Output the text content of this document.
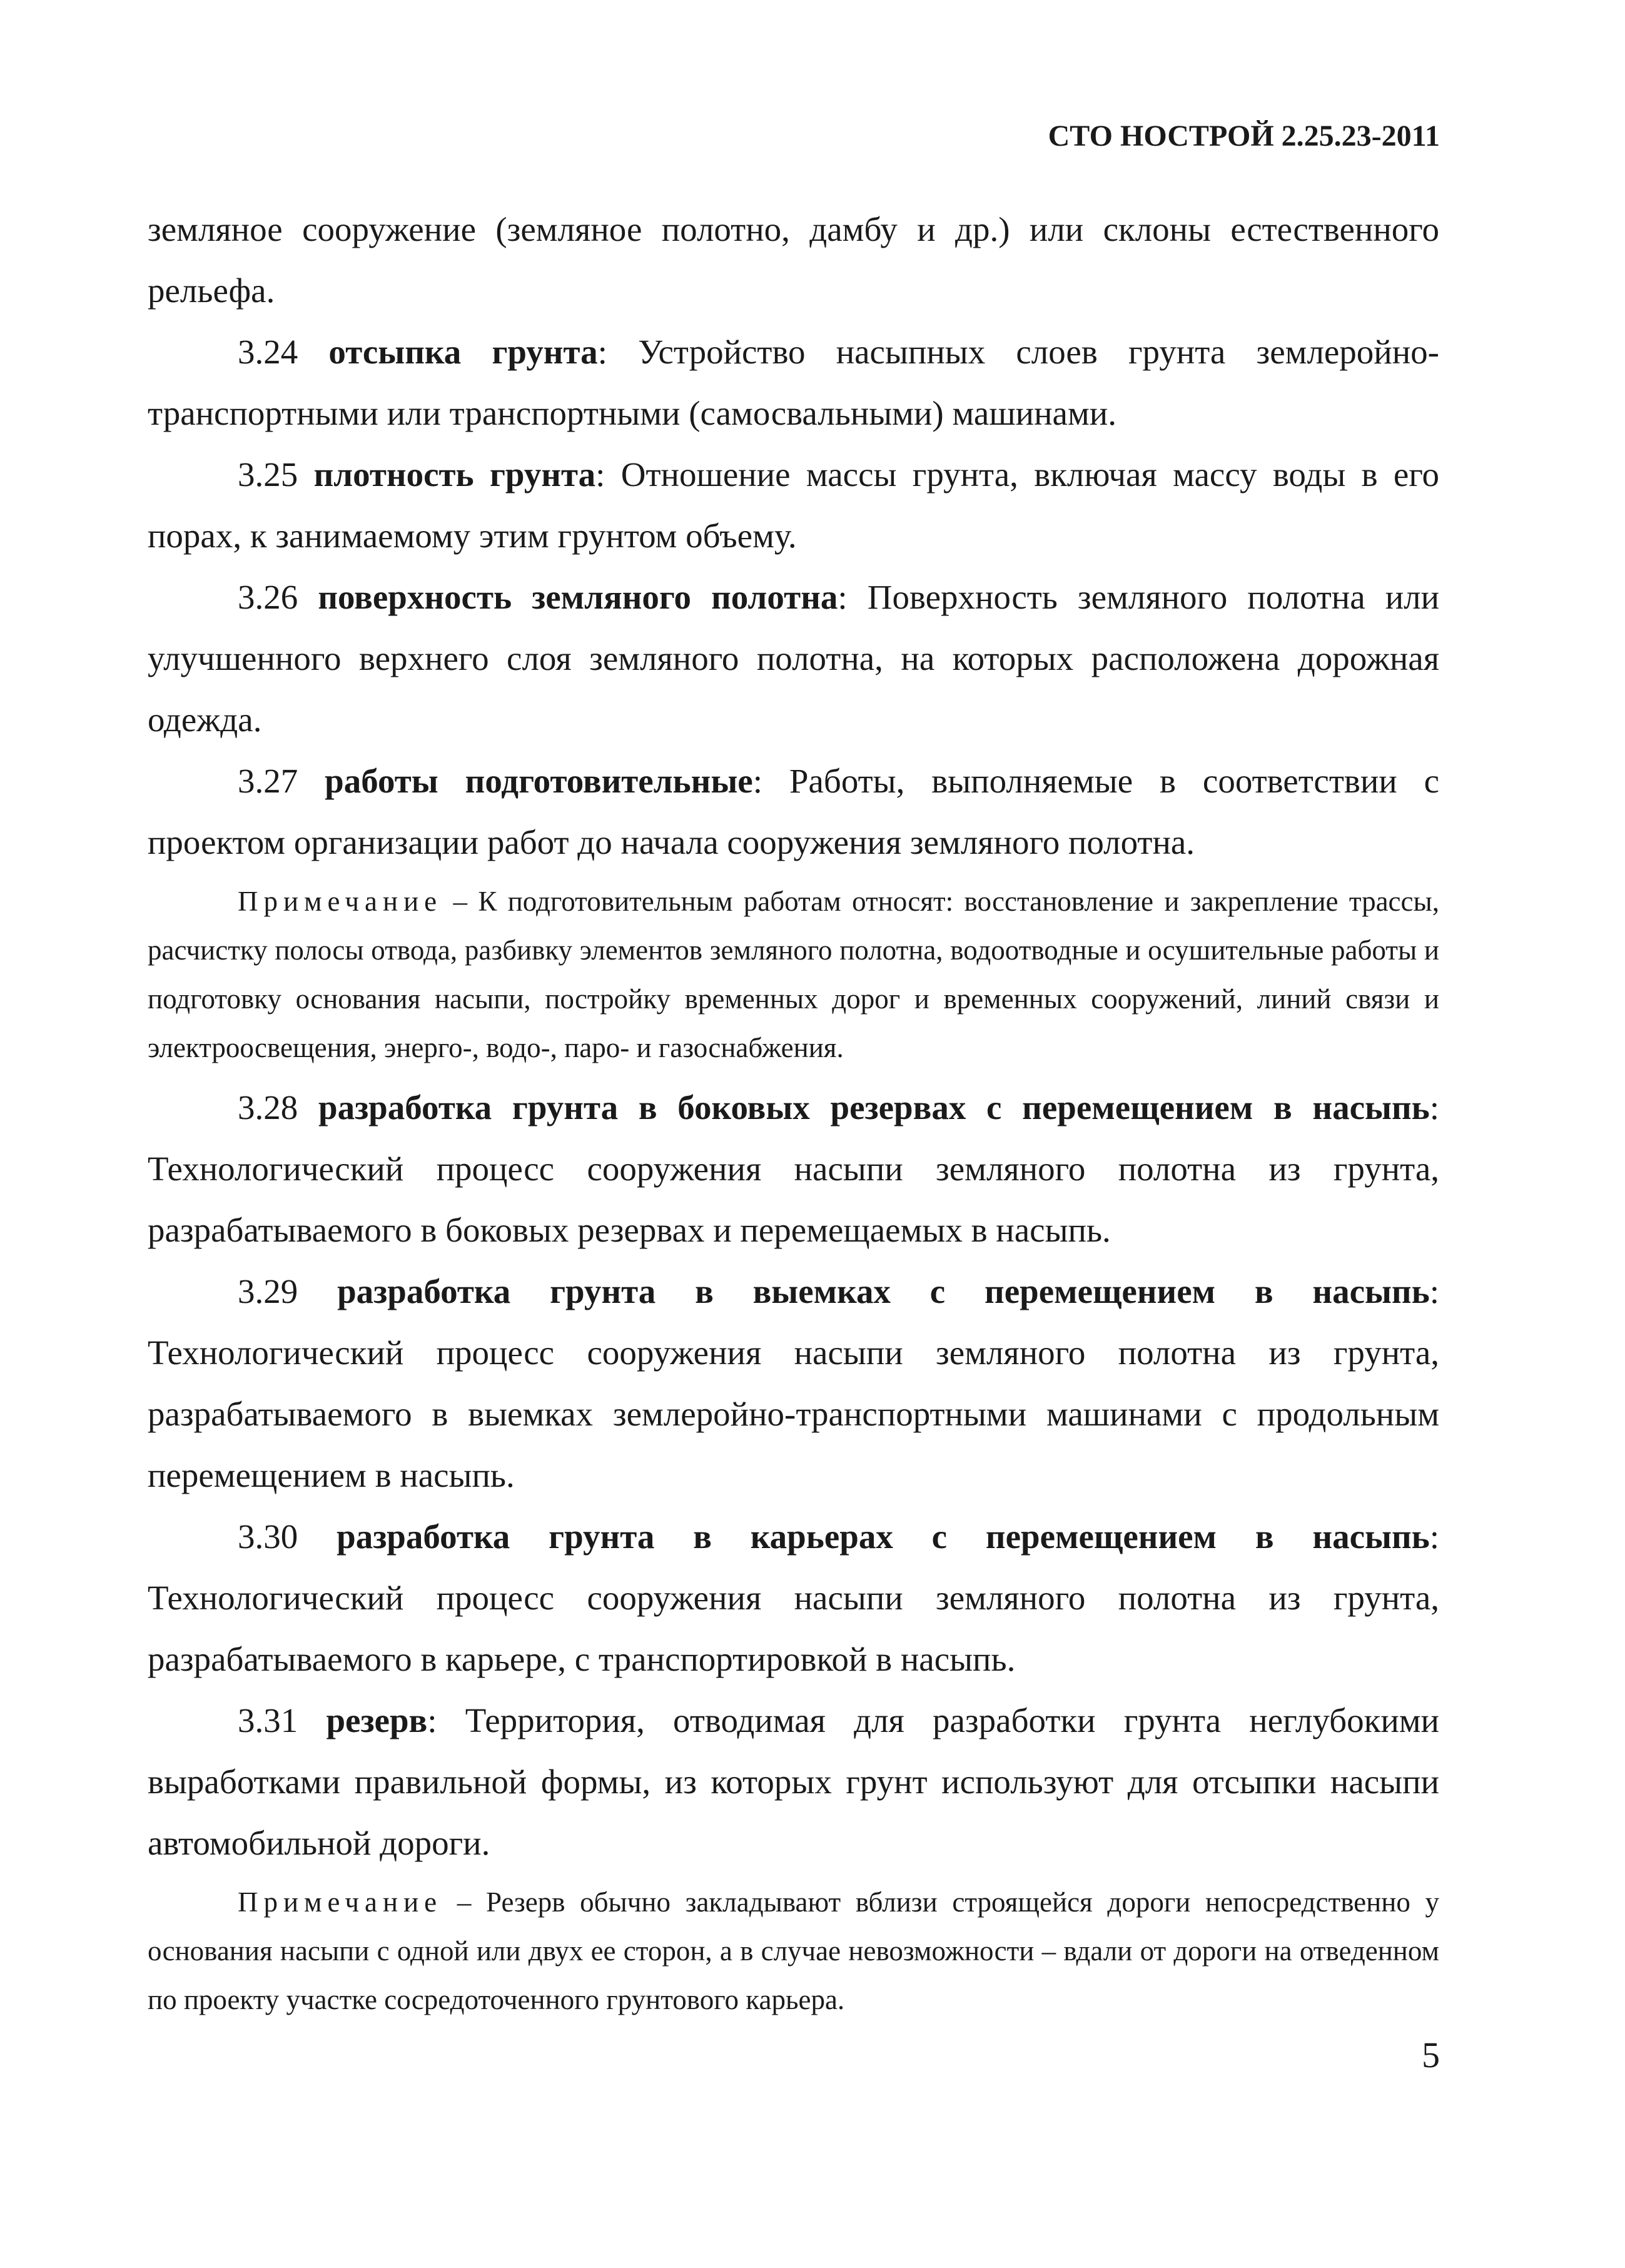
СТО НОСТРОЙ 2.25.23-2011

земляное сооружение (земляное полотно, дамбу и др.) или склоны естественного рельефа.

3.24 отсыпка грунта: Устройство насыпных слоев грунта землеройно-транспортными или транспортными (самосвальными) машинами.

3.25 плотность грунта: Отношение массы грунта, включая массу воды в его порах, к занимаемому этим грунтом объему.

3.26 поверхность земляного полотна: Поверхность земляного полотна или улучшенного верхнего слоя земляного полотна, на которых расположена дорожная одежда.

3.27 работы подготовительные: Работы, выполняемые в соответствии с проектом организации работ до начала сооружения земляного полотна.

Примечание – К подготовительным работам относят: восстановление и закрепление трассы, расчистку полосы отвода, разбивку элементов земляного полотна, водоотводные и осушительные работы и подготовку основания насыпи, постройку временных дорог и временных сооружений, линий связи и электроосвещения, энерго-, водо-, паро- и газоснабжения.

3.28 разработка грунта в боковых резервах с перемещением в насыпь: Технологический процесс сооружения насыпи земляного полотна из грунта, разрабатываемого в боковых резервах и перемещаемых в насыпь.

3.29 разработка грунта в выемках с перемещением в насыпь: Технологический процесс сооружения насыпи земляного полотна из грунта, разрабатываемого в выемках землеройно-транспортными машинами с продольным перемещением в насыпь.

3.30 разработка грунта в карьерах с перемещением в насыпь: Технологический процесс сооружения насыпи земляного полотна из грунта, разрабатываемого в карьере, с транспортировкой в насыпь.

3.31 резерв: Территория, отводимая для разработки грунта неглубокими выработками правильной формы, из которых грунт используют для отсыпки насыпи автомобильной дороги.

Примечание – Резерв обычно закладывают вблизи строящейся дороги непосредственно у основания насыпи с одной или двух ее сторон, а в случае невозможности – вдали от дороги на отведенном по проекту участке сосредоточенного грунтового карьера.

5
